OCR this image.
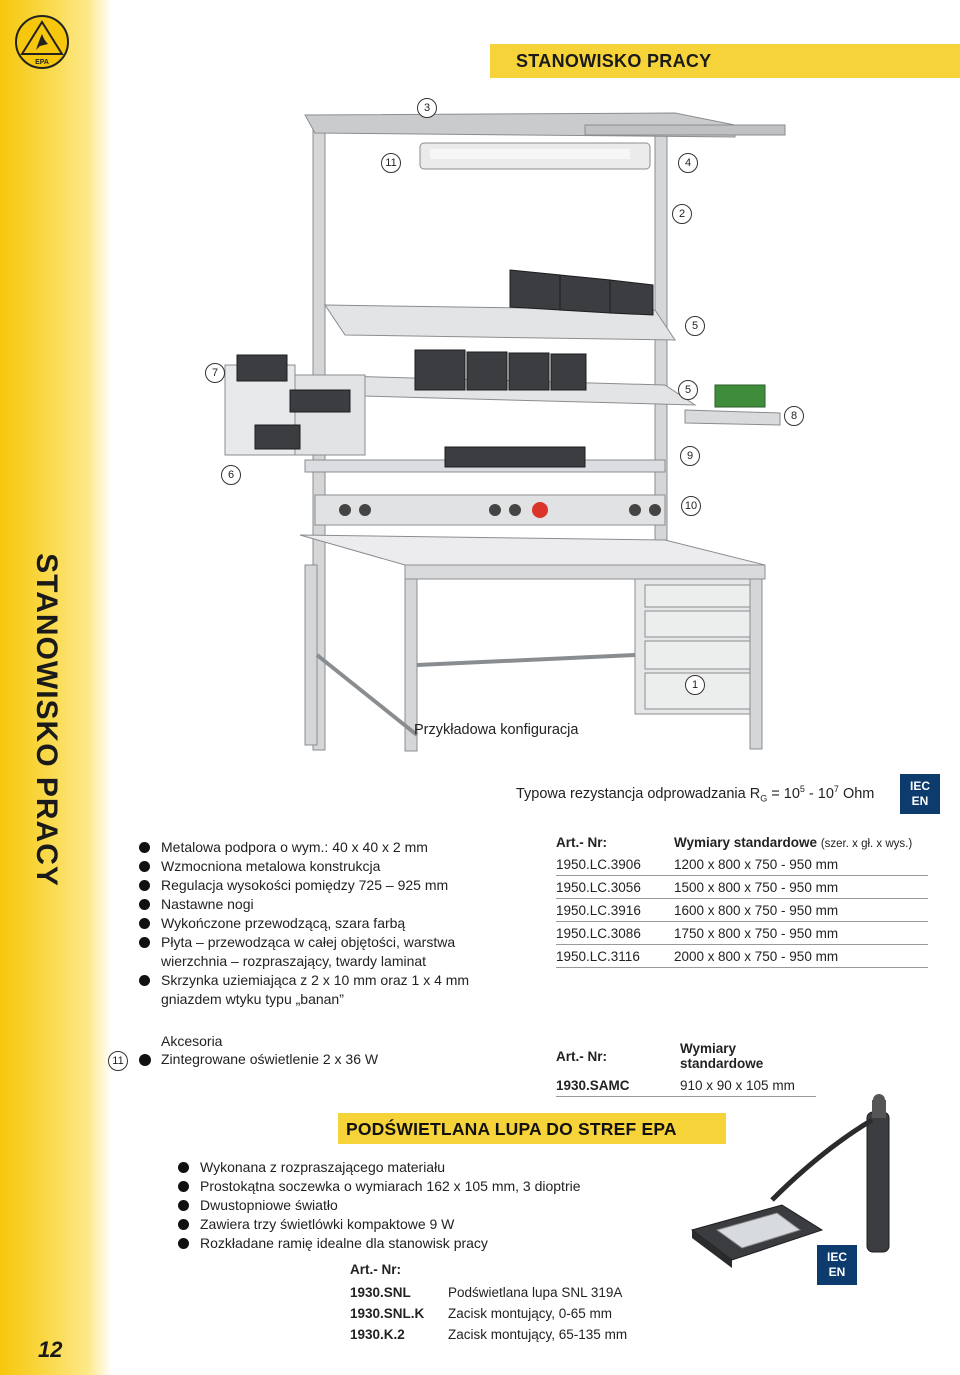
EPA	STANOWISKO PRACY
STANOWISKO PRACY
12
3
11	4
2
5
7
5
8
9
6
10
1
Przykładowa konfiguracja
Typowa rezystancja odprowadzania $R_G = 10^5 - 10^7$ Ohm	IEC
EN
Metalowa podpora o wym.: 40 x 40 x 2 mm
Wzmocniona metalowa konstrukcja
Regulacja wysokości pomiędzy 725 – 925 mm
Nastawne nogi
Wykończone przewodzącą, szara farbą
Płyta – przewodząca w całej objętości, warstwa wierzchnia – rozpraszający, twardy laminat
Skrzynka uziemiająca z 2 x 10 mm oraz 1 x 4 mm gniazdem wtyku typu „banan”
Art.- Nr:	Wymiary standardowe (szer. x gł. x wys.)	
1950.LC.3906	1200 x	800 x 750 - 950 mm
1950.LC.3056	1500 x	800 x 750 - 950 mm
1950.LC.3916	1600 x	800 x 750 - 950 mm
1950.LC.3086	1750 x	800 x 750 - 950 mm
1950.LC.3116	2000 x	800 x 750 - 950 mm
Akcesoria
11	Zintegrowane oświetlenie 2 x 36 W	Art.- Nr:	Wymiary standardowe
1930.SAMC	910 x 90 x 105 mm
PODŚWIETLANA LUPA DO STREF EPA
Wykonana z rozpraszającego materiału
Prostokątna soczewka o wymiarach 162 x 105 mm, 3 dioptrie
Dwustopniowe światło
Zawiera trzy świetlówki kompaktowe 9 W
Rozkładane ramię idealne dla stanowisk pracy
Art.- Nr:
1930.SNL	Podświetlana lupa SNL 319A
1930.SNL.K	Zacisk montujący, 0-65 mm
1930.K.2	Zacisk montujący, 65-135 mm
IEC
EN
